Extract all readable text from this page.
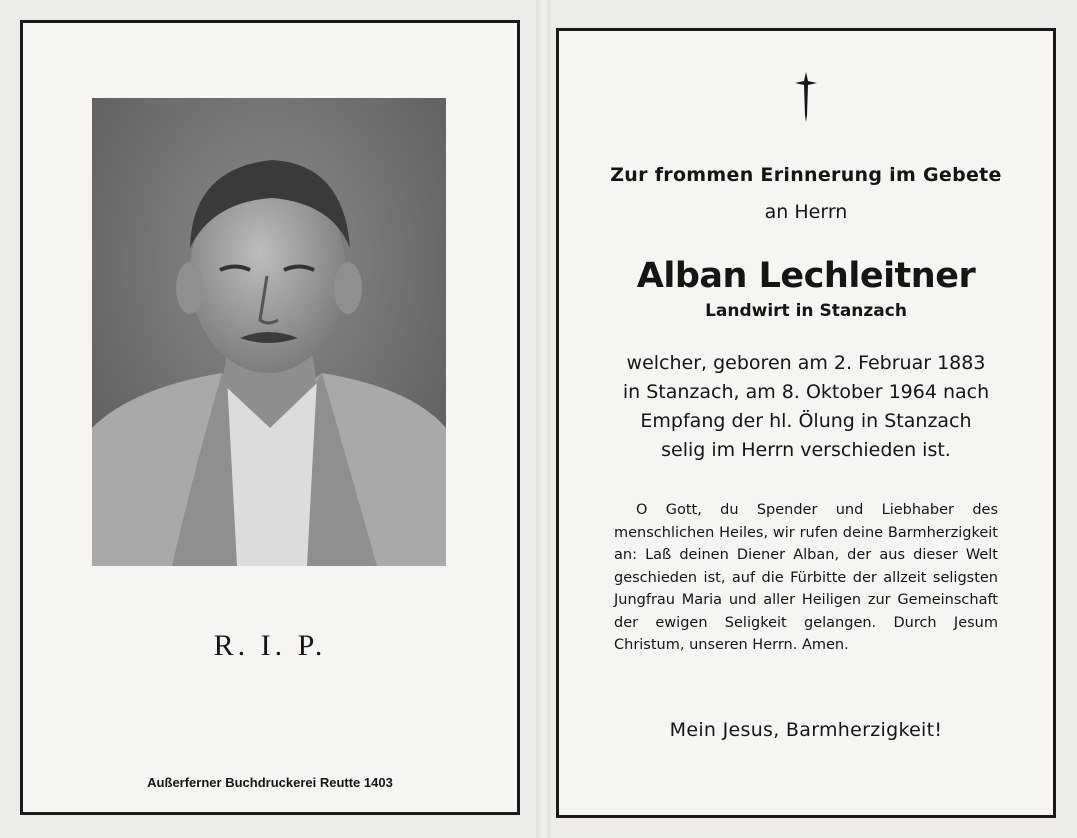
R. I. P.
Außerferner Buchdruckerei Reutte 1403
Zur frommen Erinnerung im Gebete
an Herrn
Alban Lechleitner
Landwirt in Stanzach
welcher, geboren am 2. Februar 1883
in Stanzach, am 8. Oktober 1964 nach
Empfang der hl. Ölung in Stanzach
selig im Herrn verschieden ist.

O Gott, du Spender und Liebhaber des menschlichen Heiles, wir rufen deine Barmherzigkeit an: Laß deinen Diener Alban, der aus dieser Welt geschieden ist, auf die Fürbitte der allzeit seligsten Jungfrau Maria und aller Heiligen zur Gemeinschaft der ewigen Seligkeit gelangen. Durch Jesum Christum, unseren Herrn. Amen.

Mein Jesus, Barmherzigkeit!
